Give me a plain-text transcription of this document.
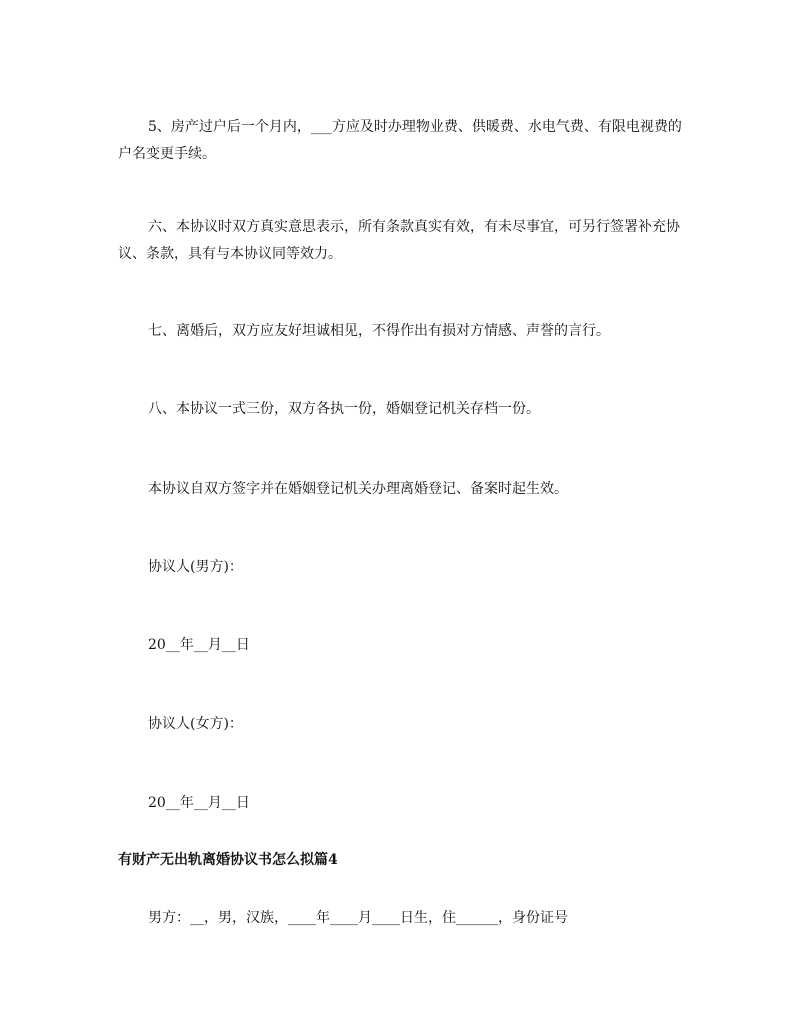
5、房产过户后一个月内，___方应及时办理物业费、供暖费、水电气费、有限电视费的户名变更手续。

六、本协议时双方真实意思表示，所有条款真实有效，有未尽事宜，可另行签署补充协议、条款，具有与本协议同等效力。

七、离婚后，双方应友好坦诚相见，不得作出有损对方情感、声誉的言行。

八、本协议一式三份，双方各执一份，婚姻登记机关存档一份。

本协议自双方签字并在婚姻登记机关办理离婚登记、备案时起生效。

协议人(男方)：

20__年__月__日

协议人(女方)：

20__年__月__日

有财产无出轨离婚协议书怎么拟篇4

男方：__，男，汉族，____年____月____日生，住______，身份证号
